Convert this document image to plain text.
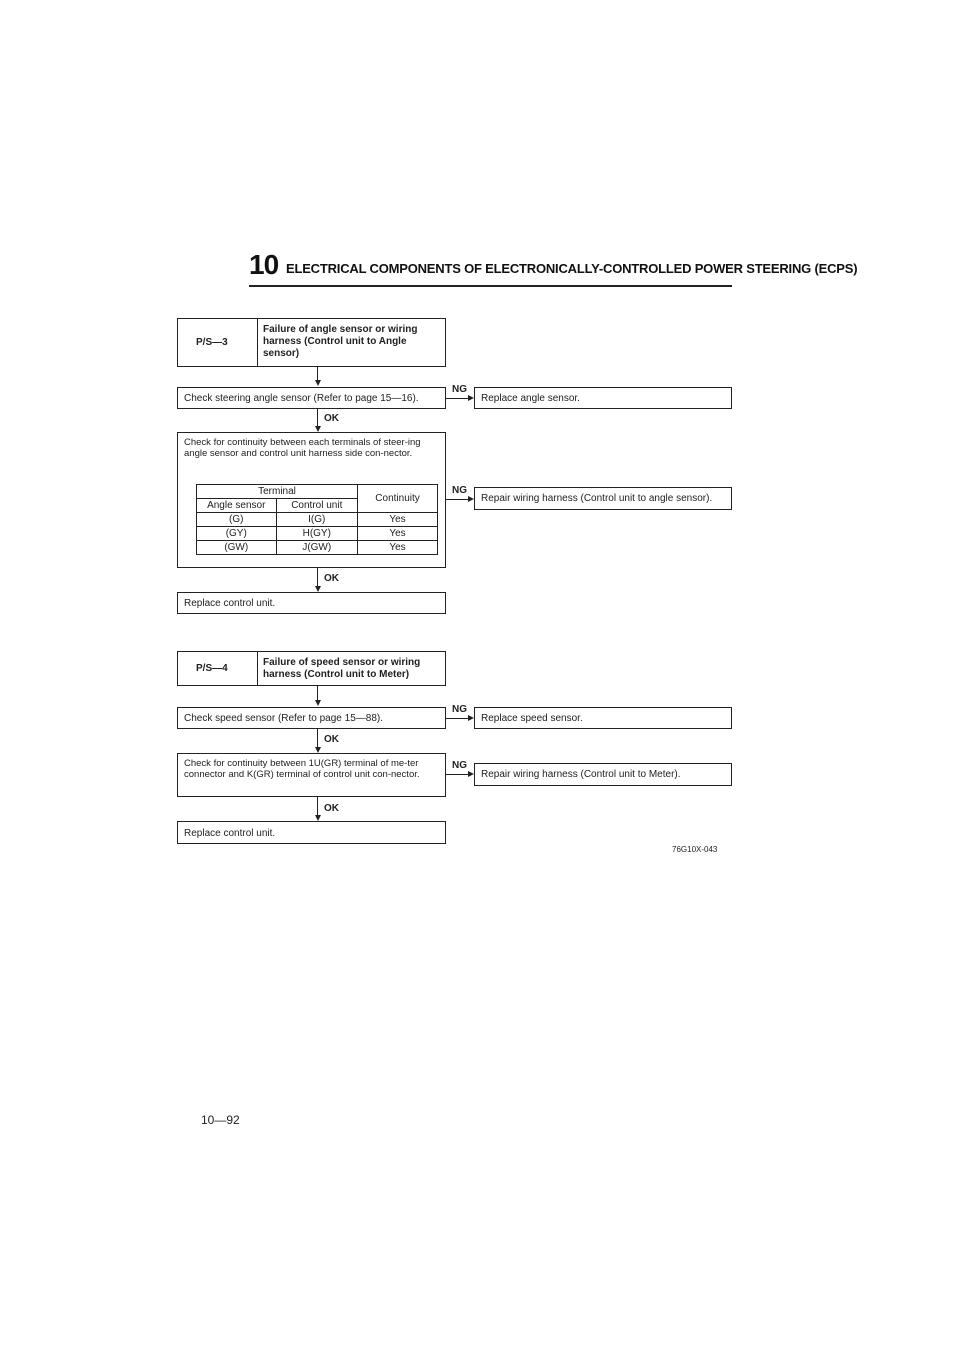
10 ELECTRICAL COMPONENTS OF ELECTRONICALLY-CONTROLLED POWER STEERING (ECPS)
P/S—3
Failure of angle sensor or wiring harness (Control unit to Angle sensor)
Check steering angle sensor (Refer to page 15—16).
NG
Replace angle sensor.
OK
Check for continuity between each terminals of steer-ing angle sensor and control unit harness side con-nector.
Terminal		Continuity
Angle sensor	Control unit	
(G)	I(G)	Yes
(GY)	H(GY)	Yes
(GW)	J(GW)	Yes
NG
Repair wiring harness (Control unit to angle sensor).
OK
Replace control unit.
P/S—4
Failure of speed sensor or wiring harness (Control unit to Meter)
Check speed sensor (Refer to page 15—88).
NG
Replace speed sensor.
OK
Check for continuity between 1U(GR) terminal of me-ter connector and K(GR) terminal of control unit con-nector.
NG
Repair wiring harness (Control unit to Meter).
OK
Replace control unit.
76G10X-043
10—92
